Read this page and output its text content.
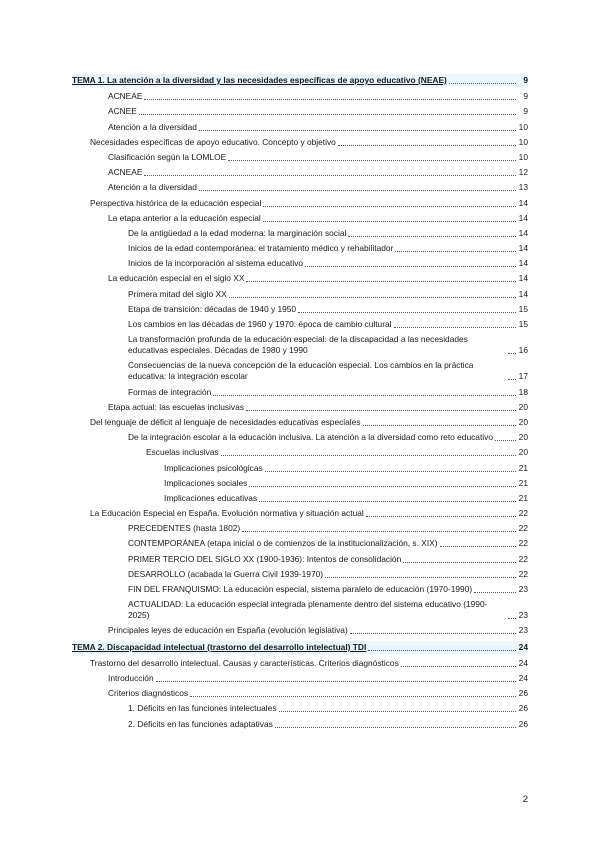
TEMA 1. La atención a la diversidad y las necesidades específicas de apoyo educativo (NEAE)	9
ACNEAE	9
ACNEE	9
Atención a la diversidad	10
Necesidades específicas de apoyo educativo. Concepto y objetivo	10
Clasificación según la LOMLOE	10
ACNEAE	12
Atención a la diversidad	13
Perspectiva histórica de la educación especial	14
La etapa anterior a la educación especial	14
De la antigüedad a la edad moderna: la marginación social	14
Inicios de la edad contemporánea: el tratamiento médico y rehabilitador	14
Inicios de la incorporación al sistema educativo	14
La educación especial en el siglo XX	14
Primera mitad del siglo XX	14
Etapa de transición: décadas de 1940 y 1950	15
Los cambios en las décadas de 1960 y 1970: época de cambio cultural	15
La transformación profunda de la educación especial: de la discapacidad a las necesidades educativas especiales. Décadas de 1980 y 1990	16
Consecuencias de la nueva concepción de la educación especial. Los cambios en la práctica educativa: la integración escolar	17
Formas de integración	18
Etapa actual: las escuelas inclusivas	20
Del lenguaje de déficit al lenguaje de necesidades educativas especiales	20
De la integración escolar a la educación inclusiva. La atención a la diversidad como reto educativo	20
Escuelas inclusivas	20
Implicaciones psicológicas	21
Implicaciones sociales	21
Implicaciones educativas	21
La Educación Especial en España. Evolución normativa y situación actual	22
PRECEDENTES (hasta 1802)	22
CONTEMPORÁNEA (etapa inicial o de comienzos de la institucionalización, s. XIX)	22
PRIMER TERCIO DEL SIGLO XX (1900-1936): Intentos de consolidación	22
DESARROLLO (acabada la Guerra Civil 1939-1970)	22
FIN DEL FRANQUISMO: La educación especial, sistema paralelo de educación (1970-1990)	23
ACTUALIDAD: La educación especial integrada plenamente dentro del sistema educativo (1990-2025)	23
Principales leyes de educación en España (evolución legislativa)	23
TEMA 2. Discapacidad intelectual (trastorno del desarrollo intelectual) TDI	24
Trastorno del desarrollo intelectual. Causas y características. Criterios diagnósticos	24
Introducción	24
Criterios diagnósticos	26
1. Déficits en las funciones intelectuales	26
2. Déficits en las funciones adaptativas	26
2
